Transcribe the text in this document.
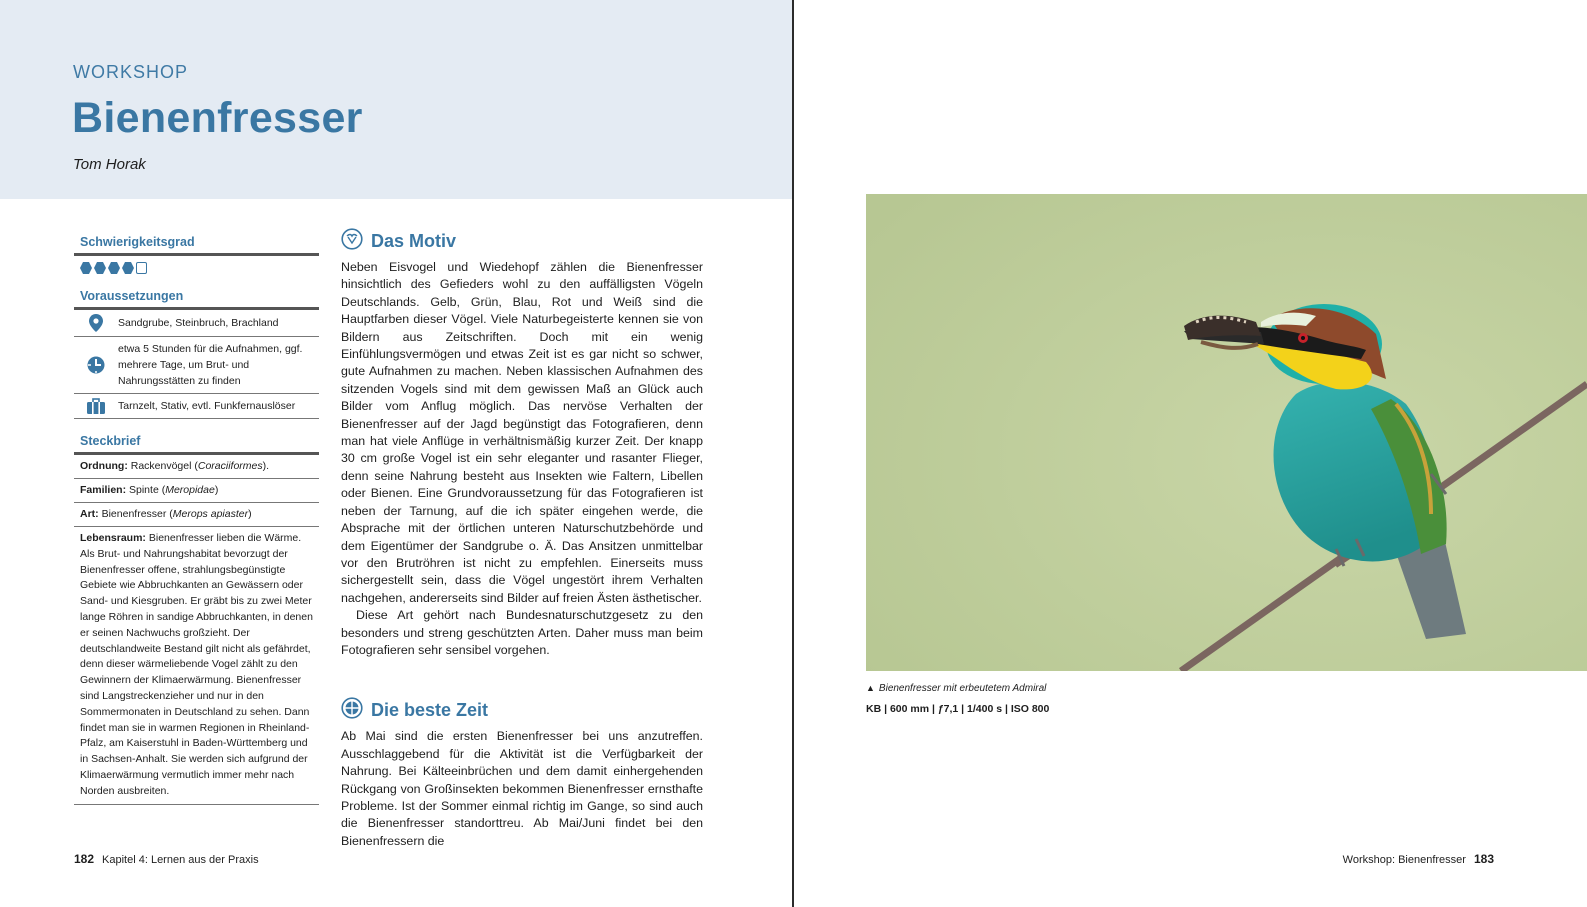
WORKSHOP
Bienenfresser
Tom Horak
Schwierigkeitsgrad
Voraussetzungen
Sandgrube, Steinbruch, Brachland
etwa 5 Stunden für die Aufnahmen, ggf. mehrere Tage, um Brut- und Nahrungsstätten zu finden
Tarnzelt, Stativ, evtl. Funkfernauslöser
Steckbrief
Ordnung: Rackenvögel (Coraciiformes).
Familien: Spinte (Meropidae)
Art: Bienenfresser (Merops apiaster)
Lebensraum: Bienenfresser lieben die Wärme. Als Brut- und Nahrungshabitat bevorzugt der Bienenfresser offene, strahlungsbegünstigte Gebiete wie Abbruchkanten an Gewässern oder Sand- und Kiesgruben. Er gräbt bis zu zwei Meter lange Röhren in sandige Abbruchkanten, in denen er seinen Nachwuchs großzieht. Der deutschlandweite Bestand gilt nicht als gefährdet, denn dieser wärmeliebende Vogel zählt zu den Gewinnern der Klimaerwärmung. Bienenfresser sind Langstreckenzieher und nur in den Sommermonaten in Deutschland zu sehen. Dann findet man sie in warmen Regionen in Rheinland-Pfalz, am Kaiserstuhl in Baden-Württemberg und in Sachsen-Anhalt. Sie werden sich aufgrund der Klimaerwärmung vermutlich immer mehr nach Norden ausbreiten.
Das Motiv

Neben Eisvogel und Wiedehopf zählen die Bienenfresser hinsichtlich des Gefieders wohl zu den auffälligsten Vögeln Deutschlands. Gelb, Grün, Blau, Rot und Weiß sind die Hauptfarben dieser Vögel. Viele Naturbegeisterte kennen sie von Bildern aus Zeitschriften. Doch mit ein wenig Einfühlungsvermögen und etwas Zeit ist es gar nicht so schwer, gute Aufnahmen zu machen. Neben klassischen Aufnahmen des sitzenden Vogels sind mit dem gewissen Maß an Glück auch Bilder vom Anflug möglich. Das nervöse Verhalten der Bienenfresser auf der Jagd begünstigt das Fotografieren, denn man hat viele Anflüge in verhältnismäßig kurzer Zeit. Der knapp 30 cm große Vogel ist ein sehr eleganter und rasanter Flieger, denn seine Nahrung besteht aus Insekten wie Faltern, Libellen oder Bienen. Eine Grundvoraussetzung für das Fotografieren ist neben der Tarnung, auf die ich später eingehen werde, die Absprache mit der örtlichen unteren Naturschutzbehörde und dem Eigentümer der Sandgrube o. Ä. Das Ansitzen unmittelbar vor den Brutröhren ist nicht zu empfehlen. Einerseits muss sichergestellt sein, dass die Vögel ungestört ihrem Verhalten nachgehen, andererseits sind Bilder auf freien Ästen ästhetischer.

Diese Art gehört nach Bundesnaturschutzgesetz zu den besonders und streng geschützten Arten. Daher muss man beim Fotografieren sehr sensibel vorgehen.

Die beste Zeit

Ab Mai sind die ersten Bienenfresser bei uns anzutreffen. Ausschlaggebend für die Aktivität ist die Verfügbarkeit der Nahrung. Bei Kälteeinbrüchen und dem damit einhergehenden Rückgang von Großinsekten bekommen Bienenfresser ernsthafte Probleme. Ist der Sommer einmal richtig im Gange, so sind auch die Bienenfresser standorttreu. Ab Mai/Juni findet bei den Bienenfressern die

182 Kapitel 4: Lernen aus der Praxis
▲ Bienenfresser mit erbeutetem Admiral
KB | 600 mm | ƒ7,1 | 1/400 s | ISO 800
Workshop: Bienenfresser 183
